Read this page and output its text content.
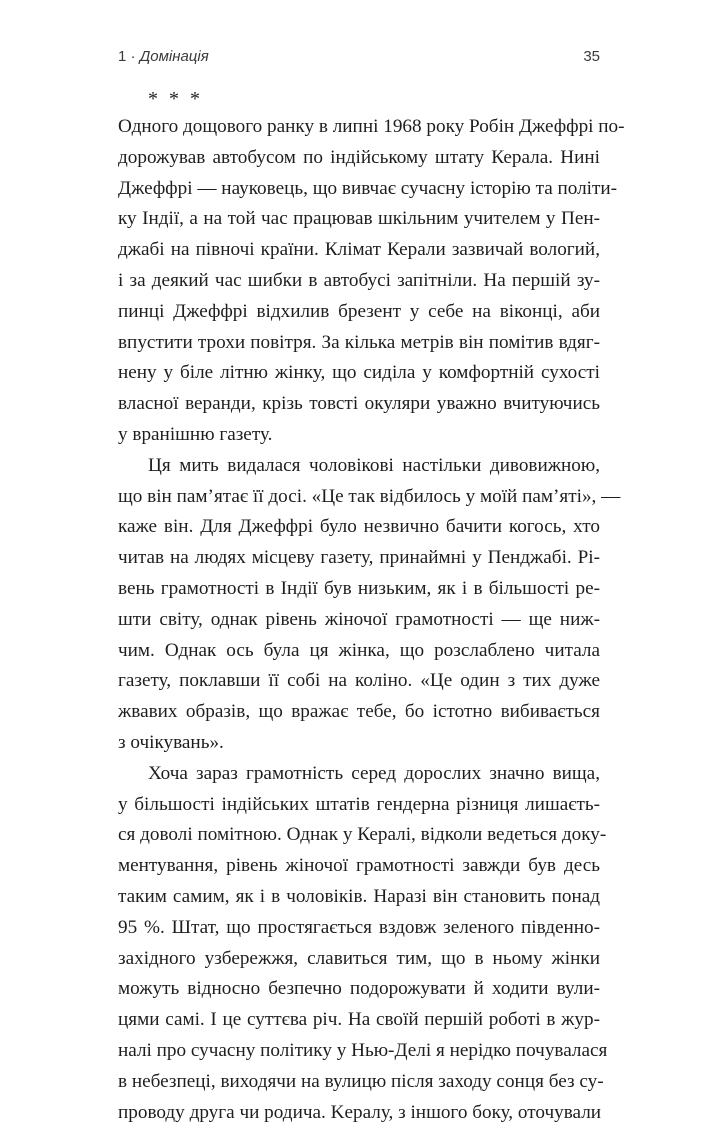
1 · Домінація	35
* * *

Одного дощового ранку в липні 1968 року Робін Джеффрі по-
дорожував автобусом по індійському штату Керала. Нині
Джеффрі — науковець, що вивчає сучасну історію та політи-
ку Індії, а на той час працював шкільним учителем у Пен-
джабі на півночі країни. Клімат Керали зазвичай вологий,
і за деякий час шибки в автобусі запітніли. На першій зу-
пинці Джеффрі відхилив брезент у себе на віконці, аби
впустити трохи повітря. За кілька метрів він помітив вдяг-
нену у біле літню жінку, що сиділа у комфортній сухості
власної веранди, крізь товсті окуляри уважно вчитуючись
у вранішню газету.

Ця мить видалася чоловікові настільки дивовижною,
що він пам’ятає її досі. «Це так відбилось у моїй пам’яті», —
каже він. Для Джеффрі було незвично бачити когось, хто
читав на людях місцеву газету, принаймні у Пенджабі. Рі-
вень грамотності в Індії був низьким, як і в більшості ре-
шти світу, однак рівень жіночої грамотності — ще ниж-
чим. Однак ось була ця жінка, що розслаблено читала
газету, поклавши її собі на коліно. «Це один з тих дуже
жвавих образів, що вражає тебе, бо істотно вибивається
з очікувань».

Хоча зараз грамотність серед дорослих значно вища,
у більшості індійських штатів гендерна різниця лишаєть-
ся доволі помітною. Однак у Кералі, відколи ведеться доку-
ментування, рівень жіночої грамотності завжди був десь
таким самим, як і в чоловіків. Наразі він становить понад
95 %. Штат, що простягається вздовж зеленого південно-
західного узбережжя, славиться тим, що в ньому жінки
можуть відносно безпечно подорожувати й ходити вули-
цями самі. І це суттєва річ. На своїй першій роботі в жур-
налі про сучасну політику у Нью-Делі я нерідко почувалася
в небезпеці, виходячи на вулицю після заходу сонця без су-
проводу друга чи родича. Keралу, з іншого боку, оточували
